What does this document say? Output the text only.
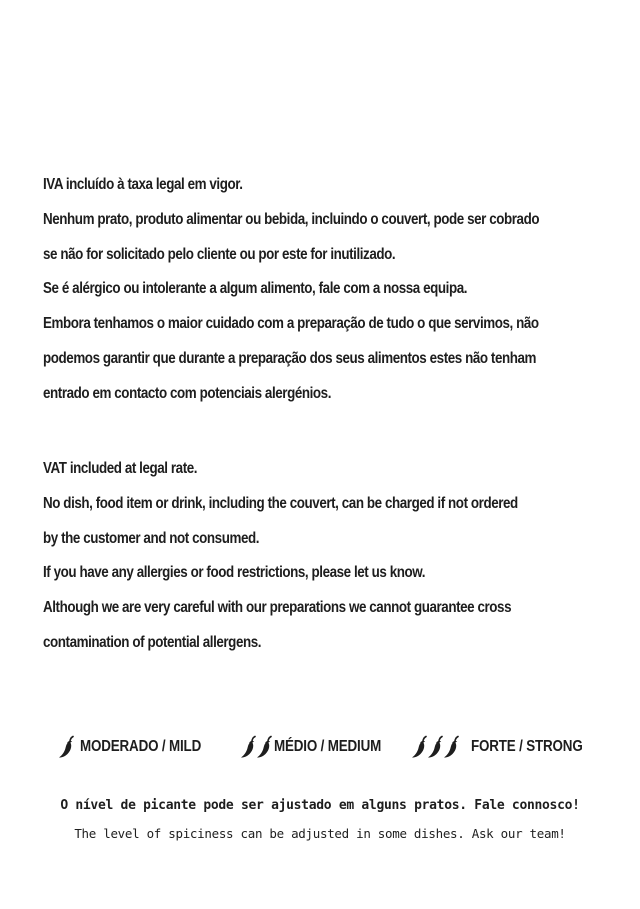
IVA incluído à taxa legal em vigor.
Nenhum prato, produto alimentar ou bebida, incluindo o couvert, pode ser cobrado
se não for solicitado pelo cliente ou por este for inutilizado.
Se é alérgico ou intolerante a algum alimento, fale com a nossa equipa.
Embora tenhamos o maior cuidado com a preparação de tudo o que servimos, não
podemos garantir que durante a preparação dos seus alimentos estes não tenham
entrado em contacto com potenciais alergénios.
VAT included at legal rate.
No dish, food item or drink, including the couvert, can be charged if not ordered
by the customer and not consumed.
If you have any allergies or food restrictions, please let us know.
Although we are very careful with our preparations we cannot guarantee cross
contamination of potential allergens.
MODERADO / MILD	MÉDIO / MEDIUM	FORTE / STRONG
O nível de picante pode ser ajustado em alguns pratos. Fale connosco!
The level of spiciness can be adjusted in some dishes. Ask our team!
